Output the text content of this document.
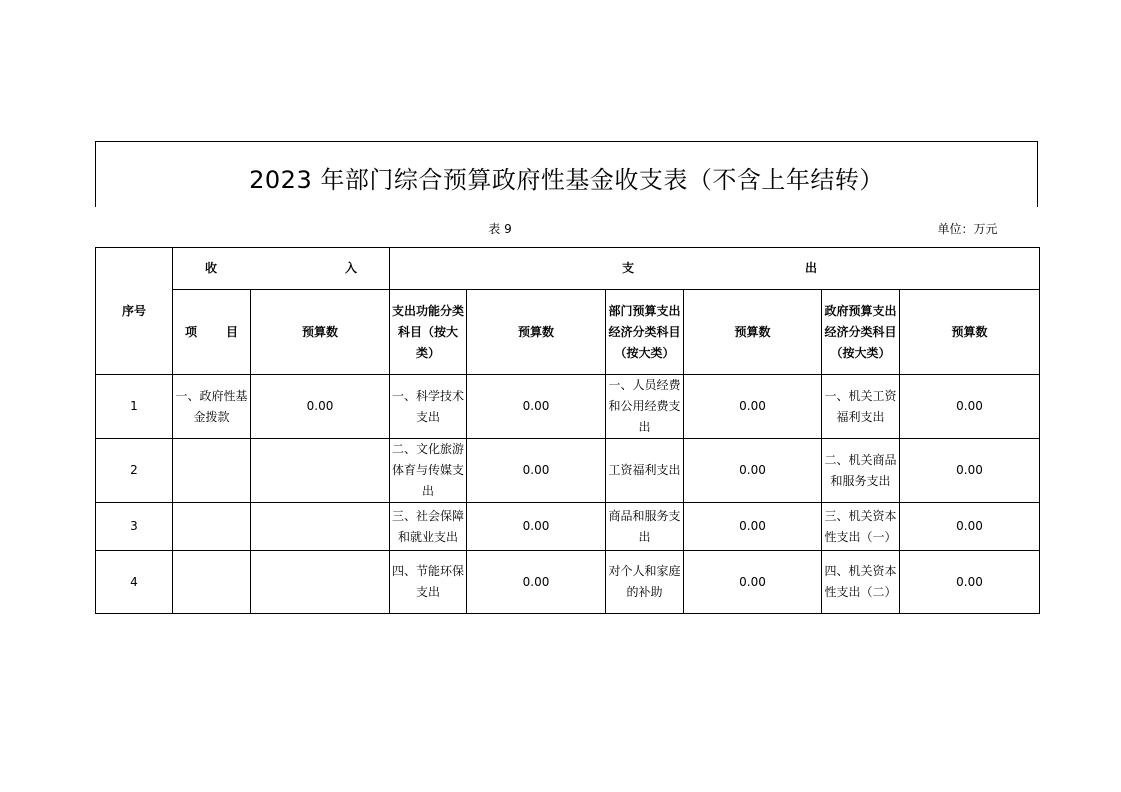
2023 年部门综合预算政府性基金收支表（不含上年结转）
表 9	单位：万元
序号	收 入		支 出					

	项 目	预算数	支出功能分类科目（按大类）	预算数	部门预算支出经济分类科目（按大类）	预算数	政府预算支出经济分类科目（按大类）	预算数
1	一、政府性基金拨款	0.00	一、科学技术支出	0.00	一、人员经费和公用经费支出	0.00	一、机关工资福利支出	0.00
2			二、文化旅游体育与传媒支出	0.00	工资福利支出	0.00	二、机关商品和服务支出	0.00
3			三、社会保障和就业支出	0.00	商品和服务支出	0.00	三、机关资本性支出（一）	0.00
4			四、节能环保支出	0.00	对个人和家庭的补助	0.00	四、机关资本性支出（二）	0.00
